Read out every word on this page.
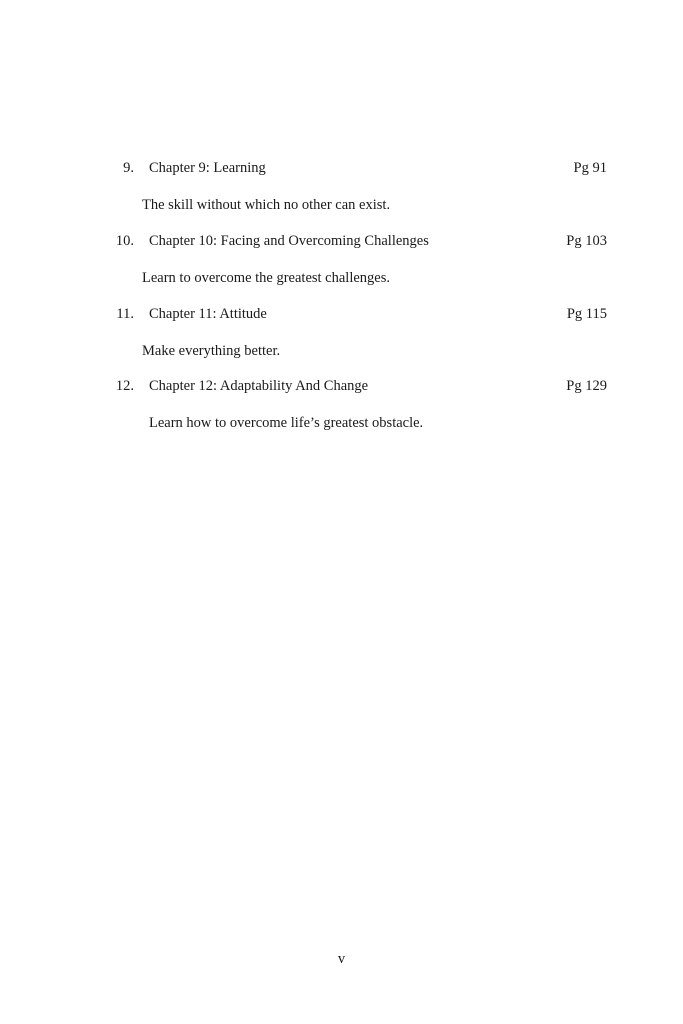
9. Chapter 9: Learning	Pg 91
The skill without which no other can exist.
10. Chapter 10: Facing and Overcoming Challenges	Pg 103
Learn to overcome the greatest challenges.
11. Chapter 11: Attitude	Pg 115
Make everything better.
12. Chapter 12: Adaptability And Change	Pg 129
Learn how to overcome life’s greatest obstacle.
v
